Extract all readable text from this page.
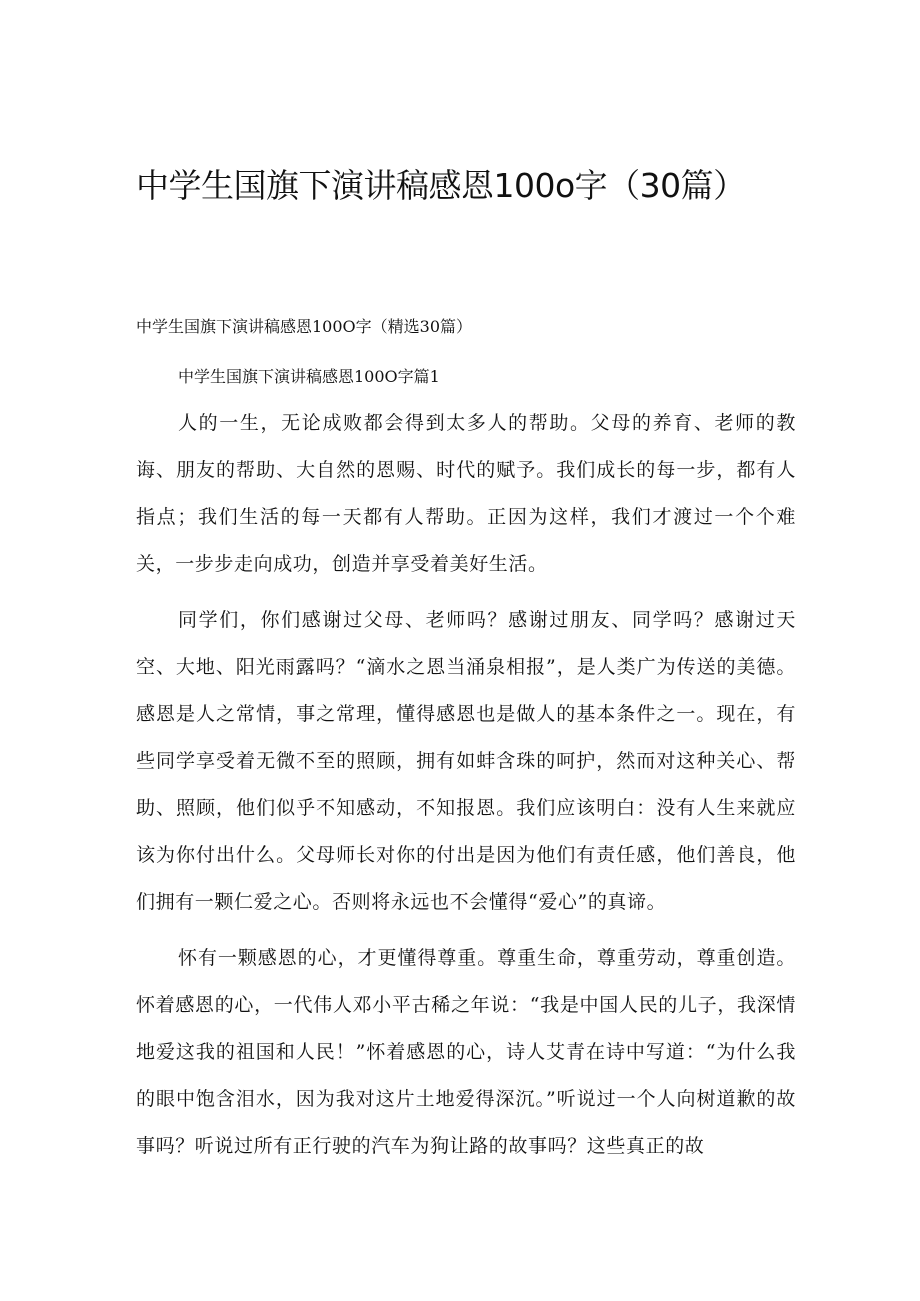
中学生国旗下演讲稿感恩100o字（30篇）

中学生国旗下演讲稿感恩100O字（精选30篇）

中学生国旗下演讲稿感恩100O字篇1

人的一生，无论成败都会得到太多人的帮助。父母的养育、老师的教诲、朋友的帮助、大自然的恩赐、时代的赋予。我们成长的每一步，都有人指点；我们生活的每一天都有人帮助。正因为这样，我们才渡过一个个难关，一步步走向成功，创造并享受着美好生活。

同学们，你们感谢过父母、老师吗？感谢过朋友、同学吗？感谢过天空、大地、阳光雨露吗？“滴水之恩当涌泉相报”，是人类广为传送的美德。感恩是人之常情，事之常理，懂得感恩也是做人的基本条件之一。现在，有些同学享受着无微不至的照顾，拥有如蚌含珠的呵护，然而对这种关心、帮助、照顾，他们似乎不知感动，不知报恩。我们应该明白：没有人生来就应该为你付出什么。父母师长对你的付出是因为他们有责任感，他们善良，他们拥有一颗仁爱之心。否则将永远也不会懂得“爱心”的真谛。

怀有一颗感恩的心，才更懂得尊重。尊重生命，尊重劳动，尊重创造。怀着感恩的心，一代伟人邓小平古稀之年说：“我是中国人民的儿子，我深情地爱这我的祖国和人民！”怀着感恩的心，诗人艾青在诗中写道：“为什么我的眼中饱含泪水，因为我对这片土地爱得深沉。”听说过一个人向树道歉的故事吗？听说过所有正行驶的汽车为狗让路的故事吗？这些真正的故
